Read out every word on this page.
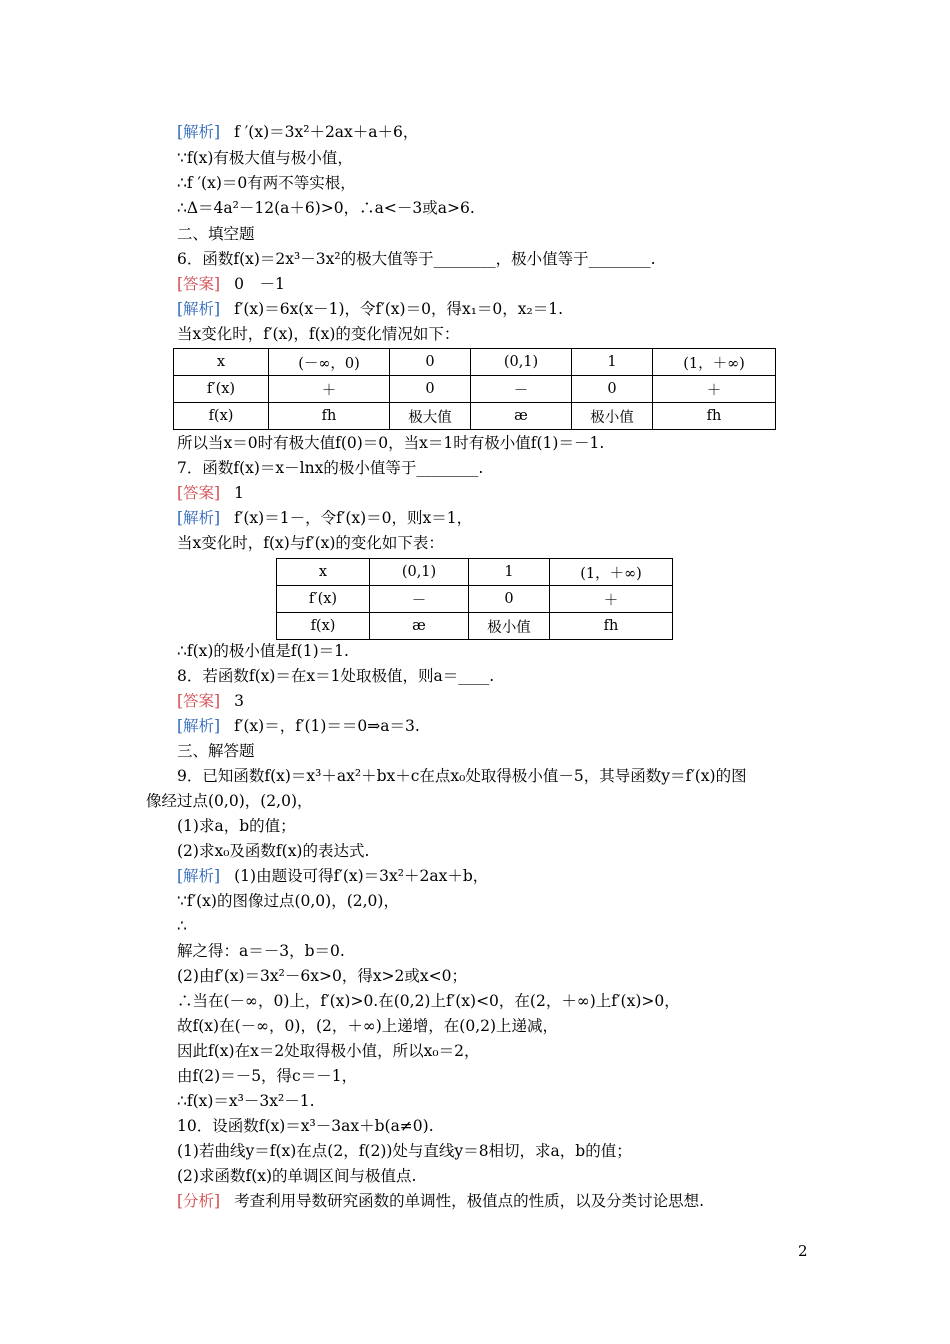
[解析] f ′(x)＝3x²＋2ax＋a＋6，
∵f(x)有极大值与极小值，
∴f ′(x)＝0有两不等实根，
∴Δ＝4a²－12(a＋6)>0，∴a<－3或a>6.
二、填空题
6．函数f(x)＝2x³－3x²的极大值等于________，极小值等于________.
[答案] 0　－1
[解析] f′(x)＝6x(x－1)，令f′(x)＝0，得x₁＝0，x₂＝1.
当x变化时，f′(x)，f(x)的变化情况如下：
x	(－∞，0)	0	(0,1)	1	(1，＋∞)
f′(x)	＋	0	－	0	＋
f(x)	fh	极大值	æ	极小值	fh
所以当x＝0时有极大值f(0)＝0，当x＝1时有极小值f(1)＝－1.
7．函数f(x)＝x－lnx的极小值等于________.
[答案] 1
[解析] f′(x)＝1－，令f′(x)＝0，则x＝1，
当x变化时，f(x)与f′(x)的变化如下表：
x	(0,1)	1	(1，＋∞)
f′(x)	－	0	＋
f(x)	æ	极小值	fh
∴f(x)的极小值是f(1)＝1.
8．若函数f(x)＝在x＝1处取极值，则a＝____.
[答案] 3
[解析] f′(x)＝，f′(1)＝＝0⇒a＝3.
三、解答题
9．已知函数f(x)＝x³＋ax²＋bx＋c在点x₀处取得极小值－5，其导函数y＝f′(x)的图
像经过点(0,0)，(2,0)，
(1)求a，b的值；
(2)求x₀及函数f(x)的表达式.
[解析] (1)由题设可得f′(x)＝3x²＋2ax＋b，
∵f′(x)的图像过点(0,0)，(2,0)，
∴
解之得：a＝－3，b＝0.
(2)由f′(x)＝3x²－6x>0，得x>2或x<0；
∴当在(－∞，0)上，f′(x)>0.在(0,2)上f′(x)<0，在(2，＋∞)上f′(x)>0，
故f(x)在(－∞，0)，(2，＋∞)上递增，在(0,2)上递减，
因此f(x)在x＝2处取得极小值，所以x₀＝2，
由f(2)＝－5，得c＝－1，
∴f(x)＝x³－3x²－1.
10．设函数f(x)＝x³－3ax＋b(a≠0).
(1)若曲线y＝f(x)在点(2，f(2))处与直线y＝8相切，求a，b的值；
(2)求函数f(x)的单调区间与极值点.
[分析] 考查利用导数研究函数的单调性，极值点的性质，以及分类讨论思想.
2
